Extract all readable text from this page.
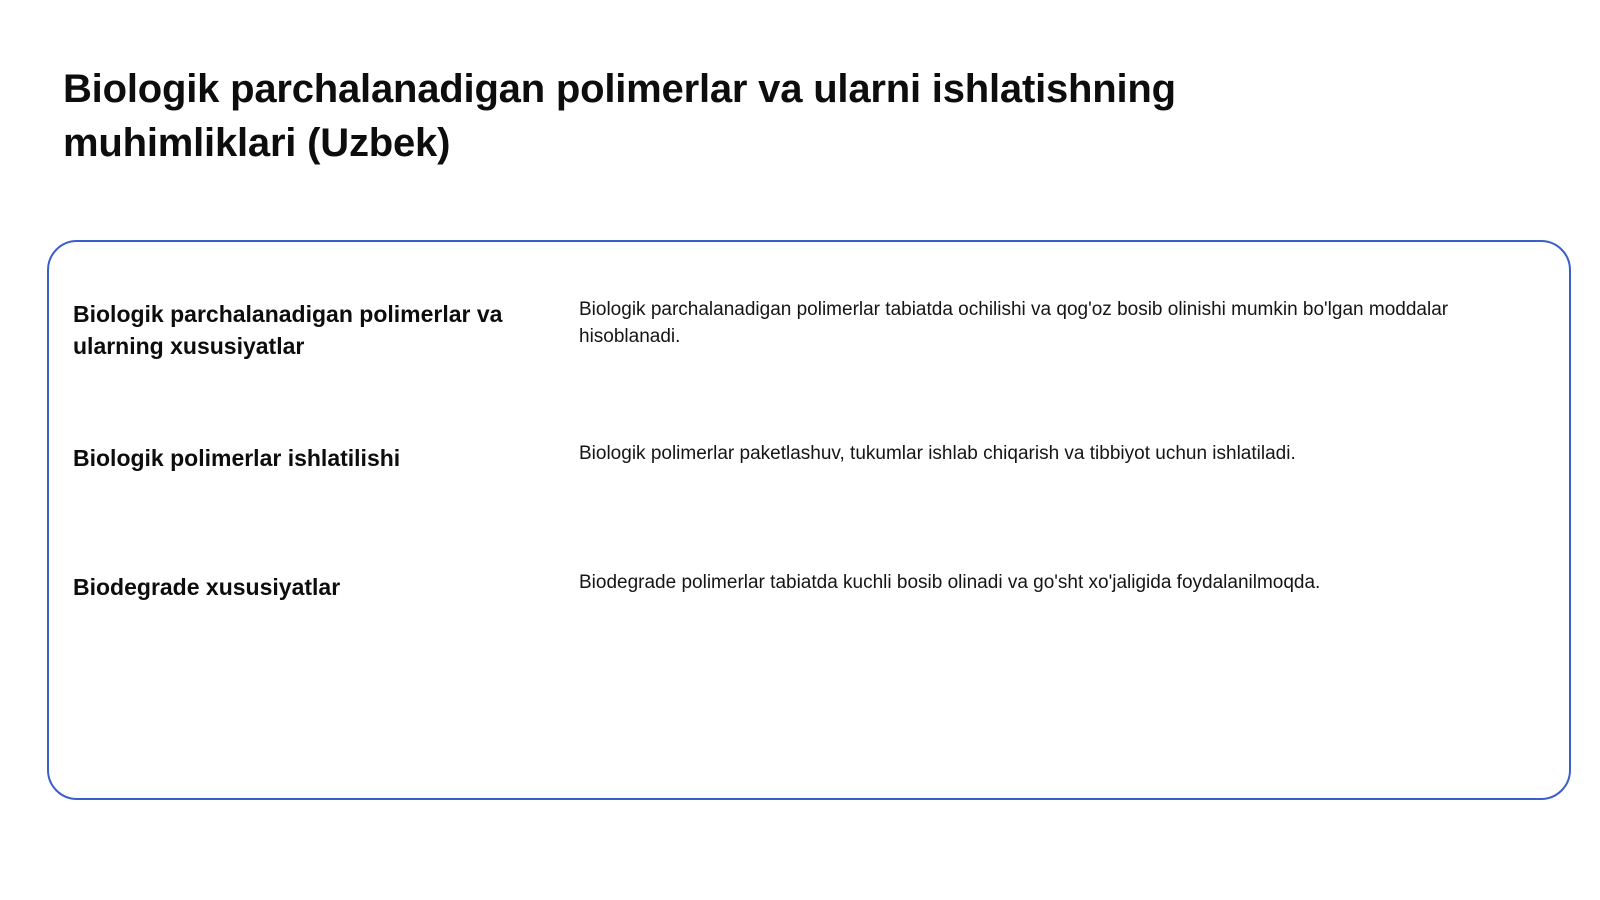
Biologik parchalanadigan polimerlar va ularni ishlatishning muhimliklari (Uzbek)
Biologik parchalanadigan polimerlar va ularning xususiyatlar
Biologik parchalanadigan polimerlar tabiatda ochilishi va qog'oz bosib olinishi mumkin bo'lgan moddalar hisoblanadi.
Biologik polimerlar ishlatilishi	Biologik polimerlar paketlashuv, tukumlar ishlab chiqarish va tibbiyot uchun ishlatiladi.
Biodegrade xususiyatlar	Biodegrade polimerlar tabiatda kuchli bosib olinadi va go'sht xo'jaligida foydalanilmoqda.
